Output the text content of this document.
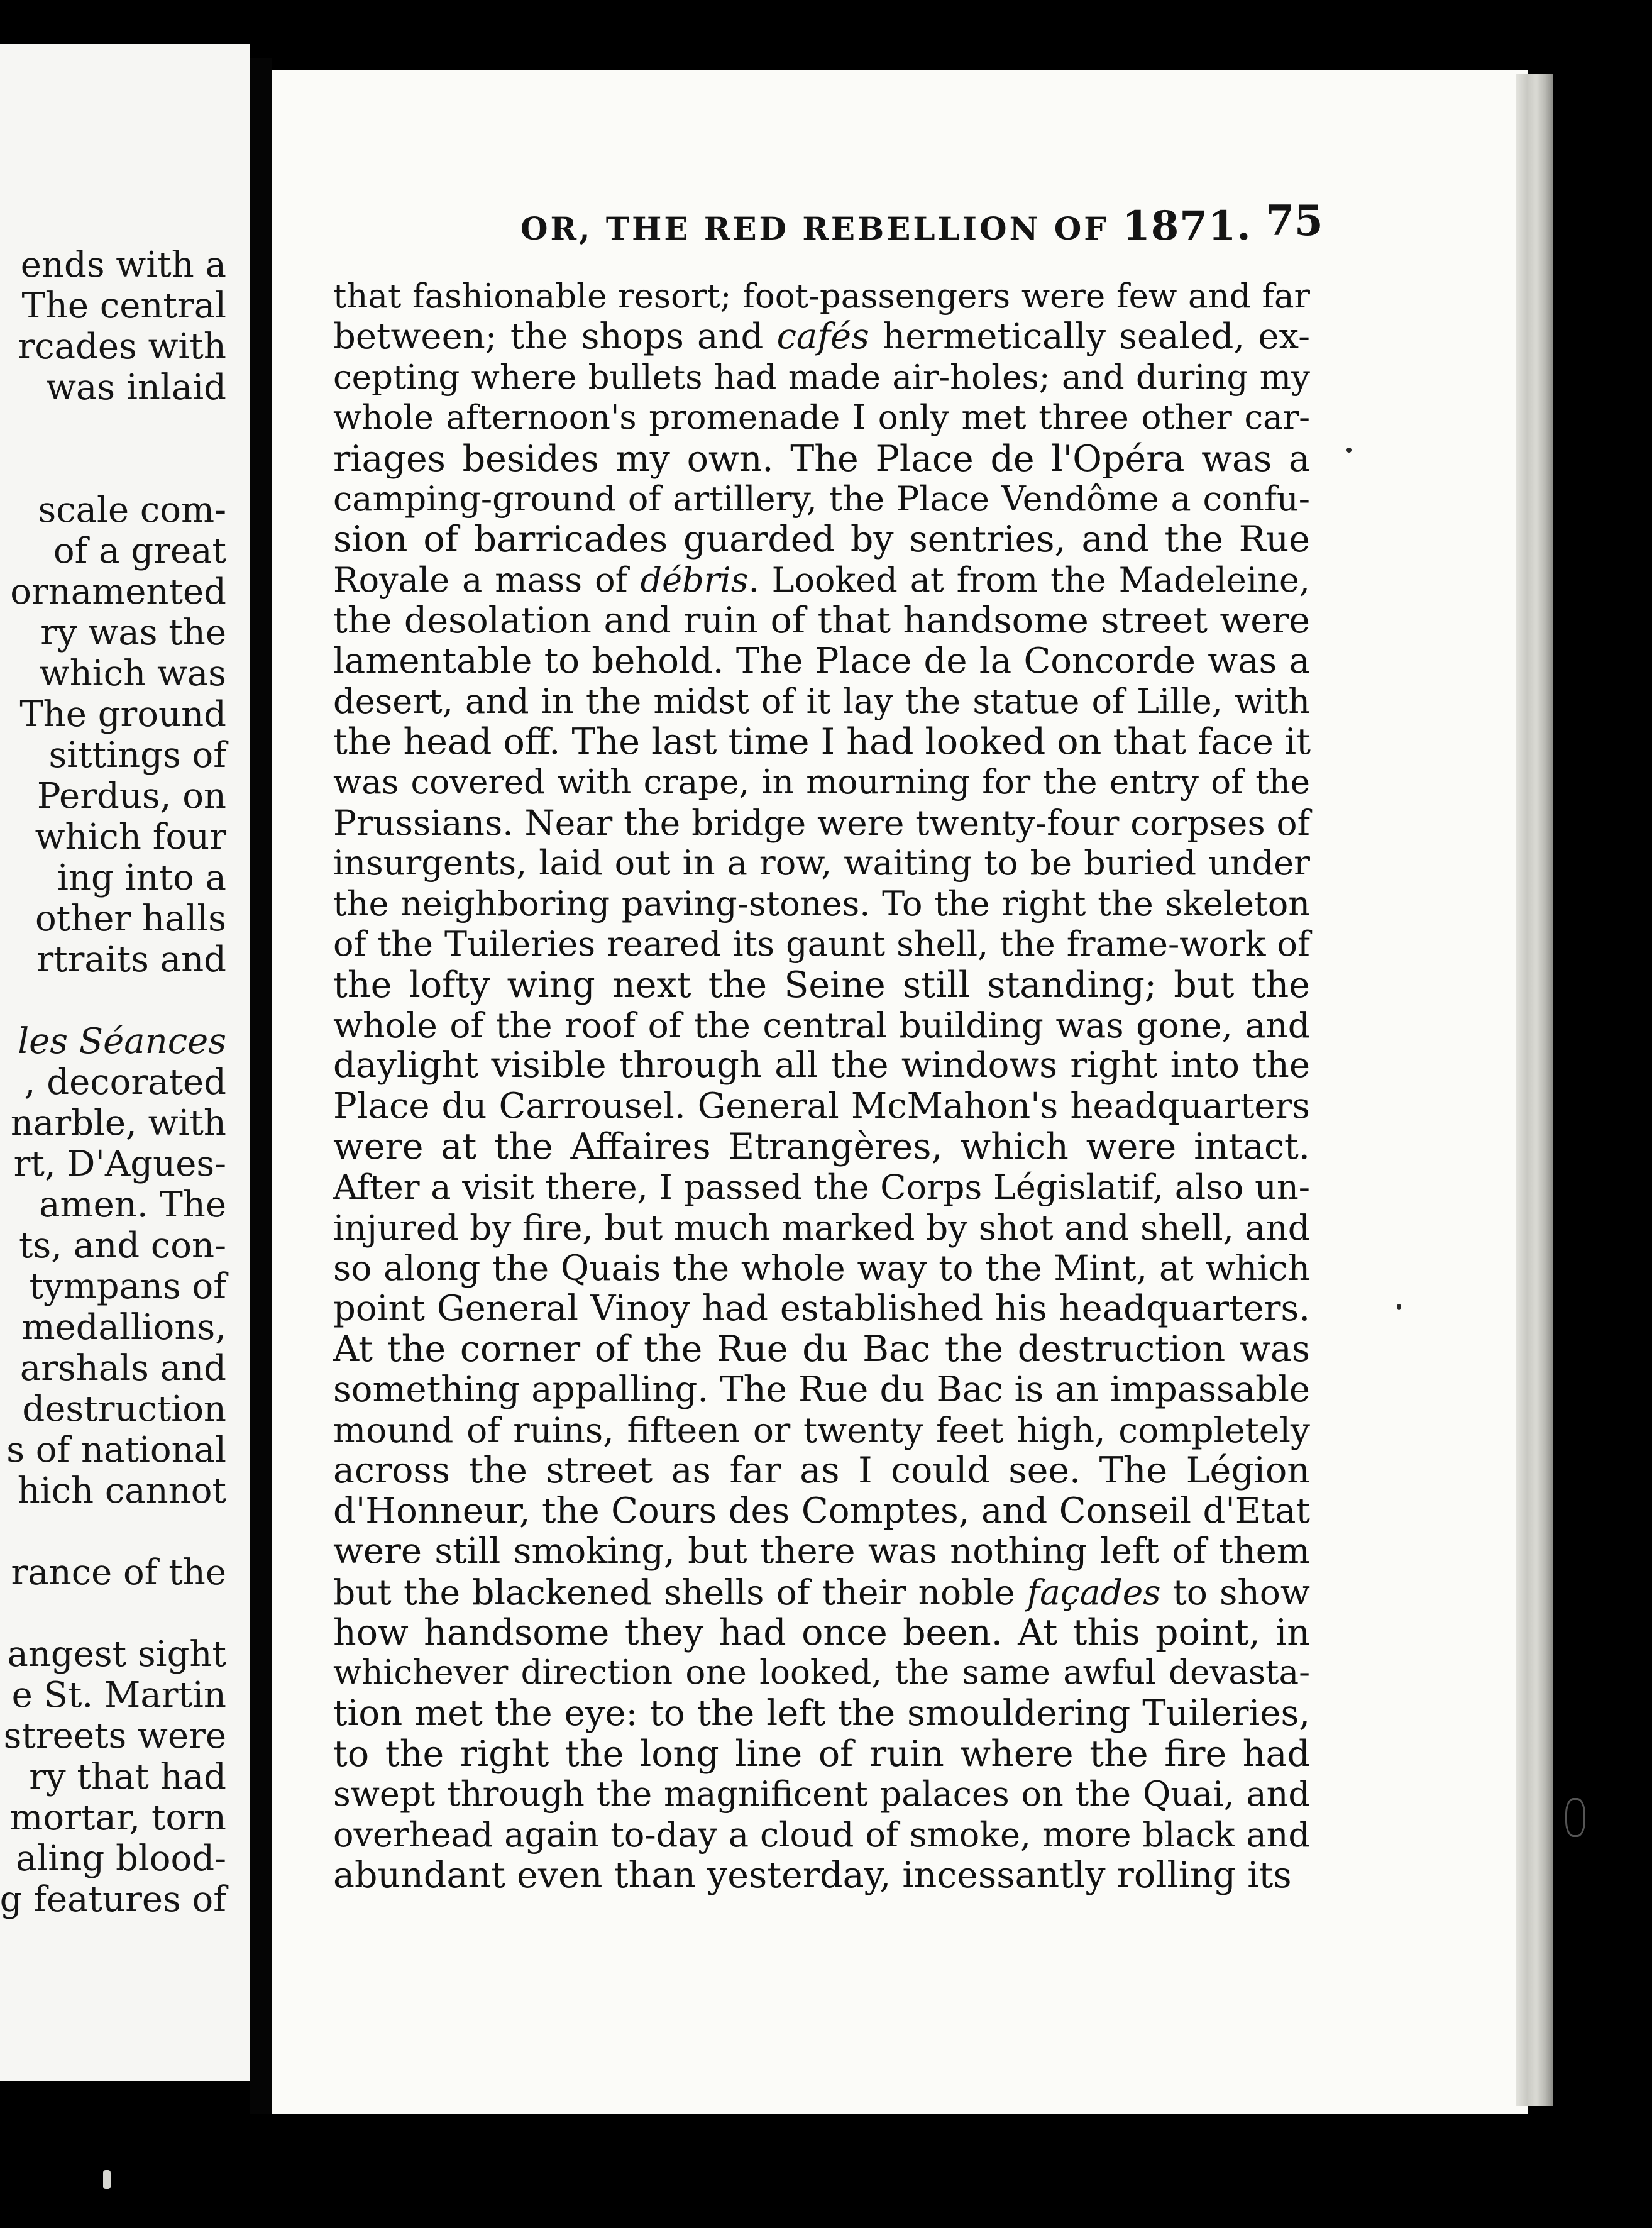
ends with a
The central
rcades with
was inlaid
scale com-
of a great
ornamented
ry was the
which was
The ground
sittings of
Perdus, on
which four
ing into a
other halls
rtraits and
les Séances
, decorated
narble, with
rt, D'Agues-
amen. The
ts, and con-
tympans of
medallions,
arshals and
destruction
s of national
hich cannot
rance of the
angest sight
e St. Martin
streets were
ry that had
mortar, torn
aling blood-
g features of
OR, THE RED REBELLION OF 1871. 75
that fashionable resort; foot-passengers were few and far
between; the shops and cafés hermetically sealed, ex-
cepting where bullets had made air-holes; and during my
whole afternoon's promenade I only met three other car-
riages besides my own. The Place de l'Opéra was a
camping-ground of artillery, the Place Vendôme a confu-
sion of barricades guarded by sentries, and the Rue
Royale a mass of débris. Looked at from the Madeleine,
the desolation and ruin of that handsome street were
lamentable to behold. The Place de la Concorde was a
desert, and in the midst of it lay the statue of Lille, with
the head off. The last time I had looked on that face it
was covered with crape, in mourning for the entry of the
Prussians. Near the bridge were twenty-four corpses of
insurgents, laid out in a row, waiting to be buried under
the neighboring paving-stones. To the right the skeleton
of the Tuileries reared its gaunt shell, the frame-work of
the lofty wing next the Seine still standing; but the
whole of the roof of the central building was gone, and
daylight visible through all the windows right into the
Place du Carrousel. General McMahon's headquarters
were at the Affaires Etrangères, which were intact.
After a visit there, I passed the Corps Législatif, also un-
injured by fire, but much marked by shot and shell, and
so along the Quais the whole way to the Mint, at which
point General Vinoy had established his headquarters.
At the corner of the Rue du Bac the destruction was
something appalling. The Rue du Bac is an impassable
mound of ruins, fifteen or twenty feet high, completely
across the street as far as I could see. The Légion
d'Honneur, the Cours des Comptes, and Conseil d'Etat
were still smoking, but there was nothing left of them
but the blackened shells of their noble façades to show
how handsome they had once been. At this point, in
whichever direction one looked, the same awful devasta-
tion met the eye: to the left the smouldering Tuileries,
to the right the long line of ruin where the fire had
swept through the magnificent palaces on the Quai, and
overhead again to-day a cloud of smoke, more black and
abundant even than yesterday, incessantly rolling its
